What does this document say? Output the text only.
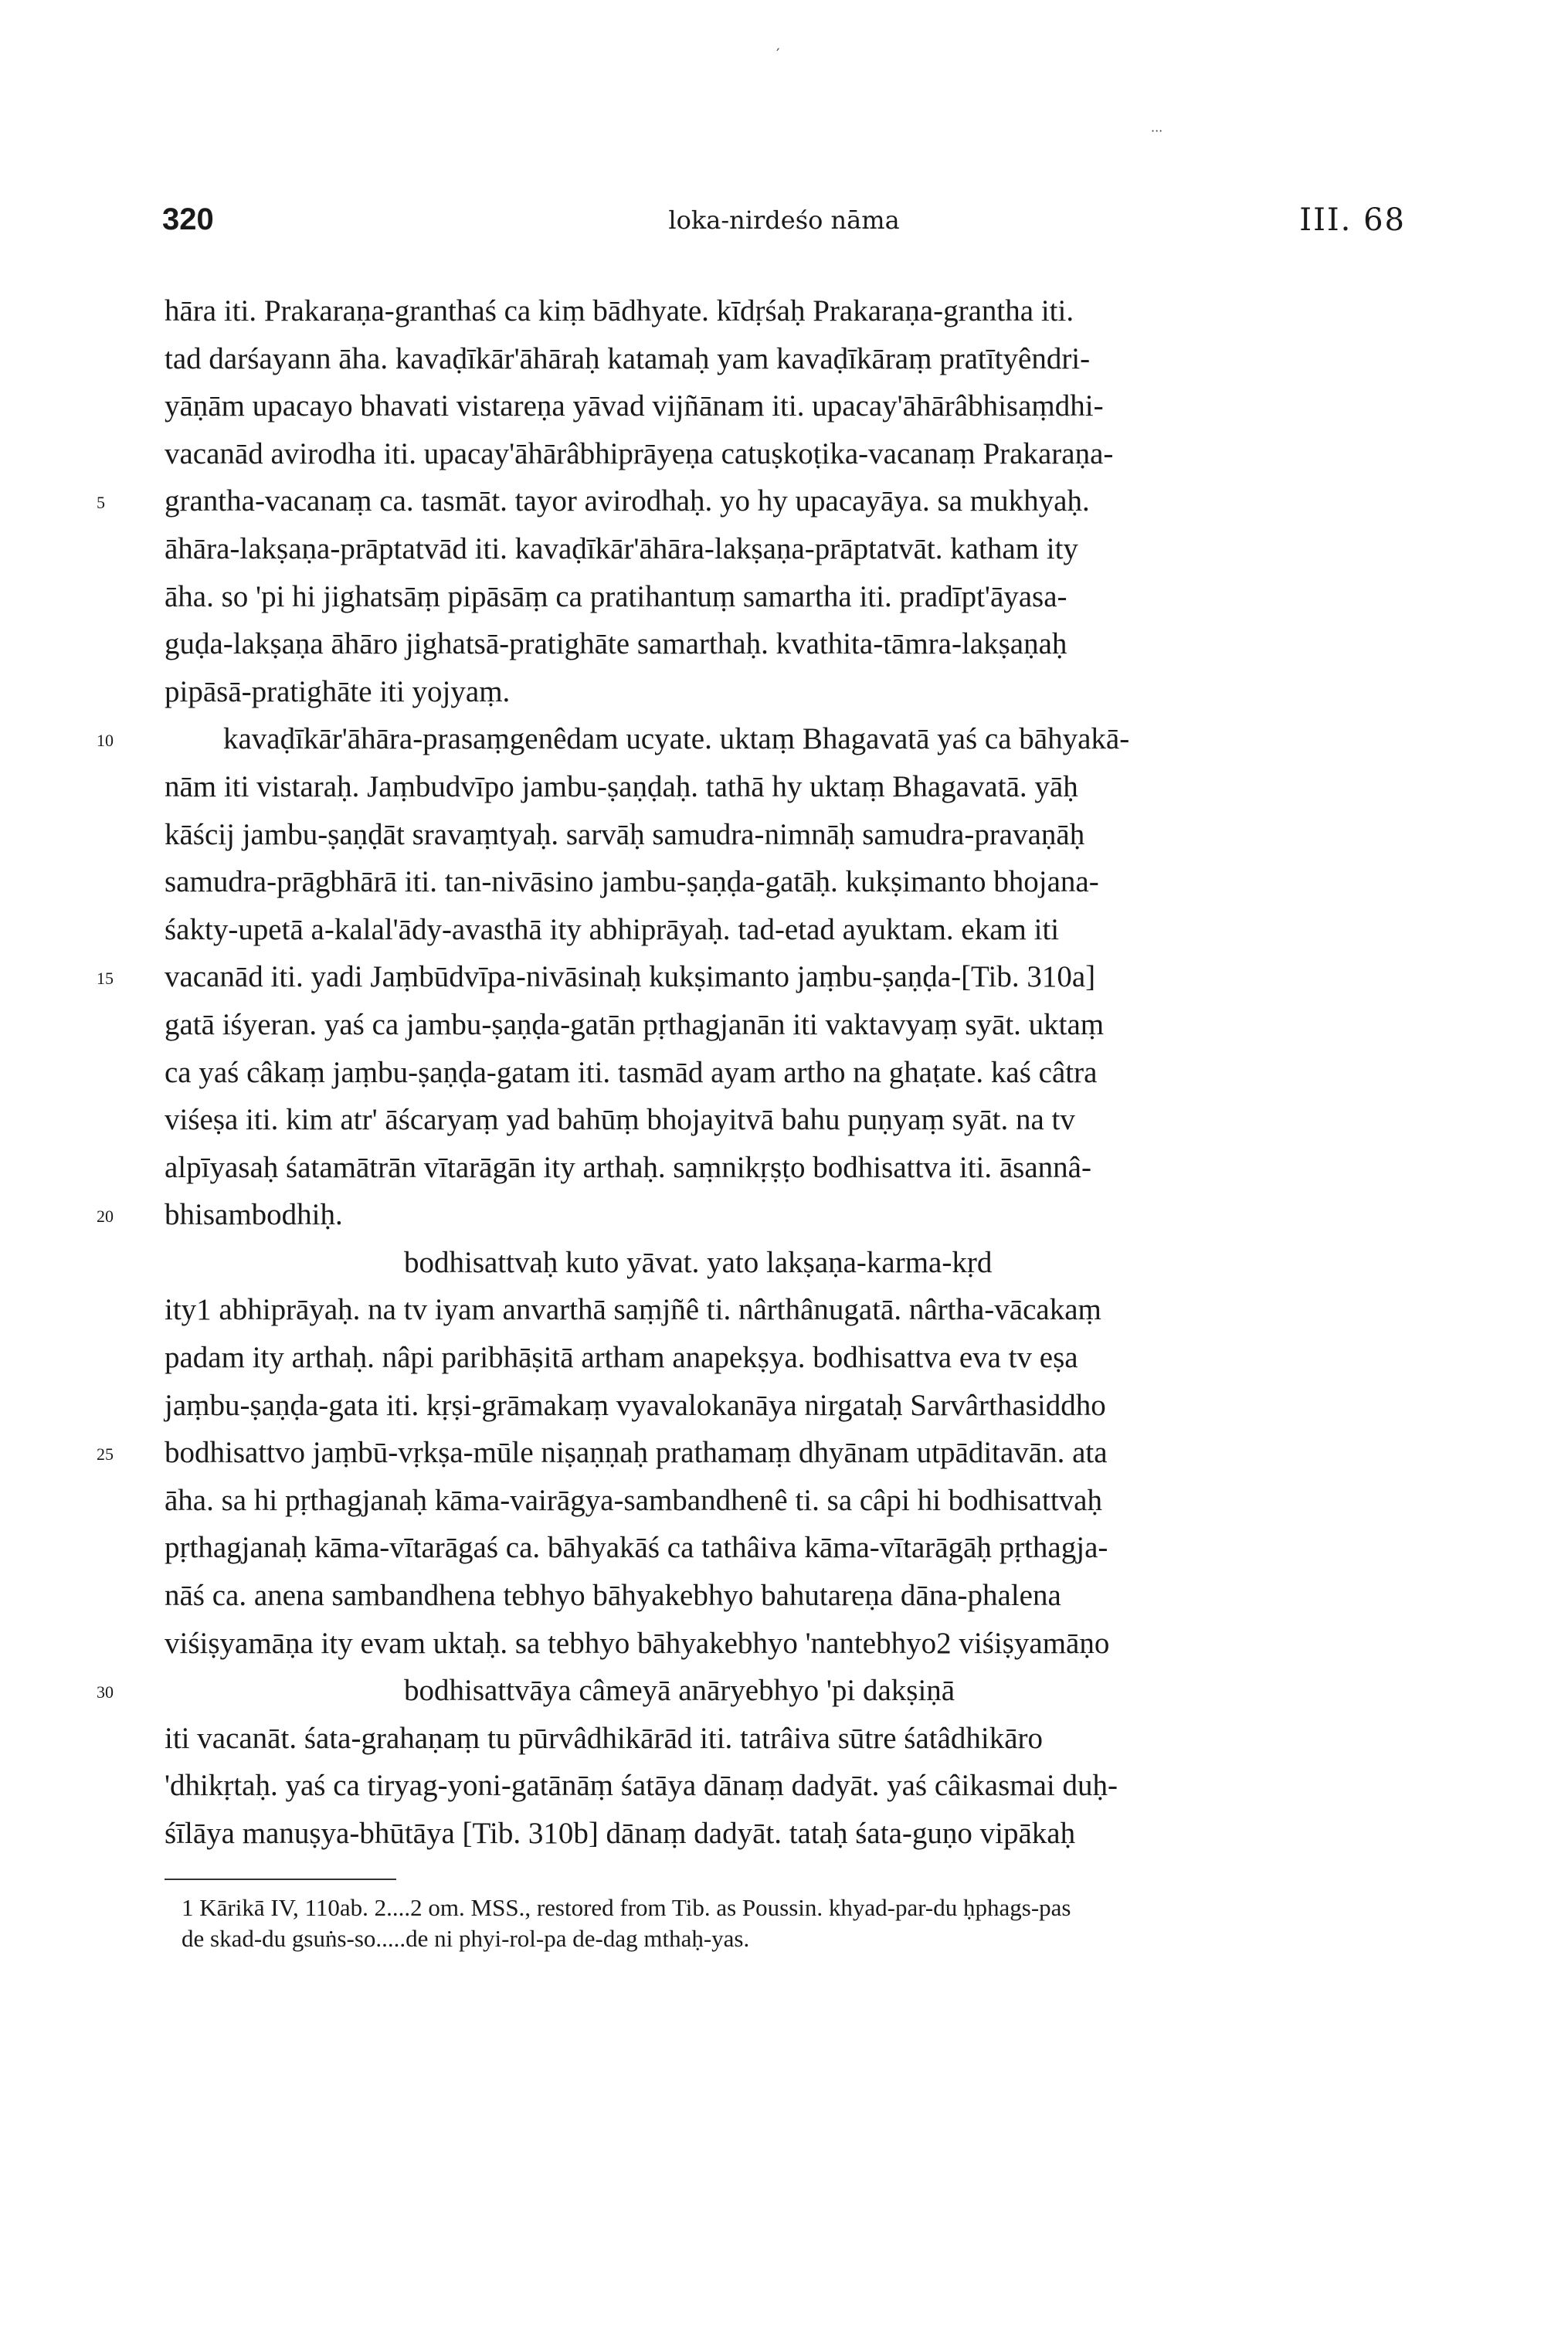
320	loka-nirdeśo nāma	III. 68
′
···
hāra iti. Prakaraṇa-granthaś ca kiṃ bādhyate. kīdṛśaḥ Prakaraṇa-grantha iti.
tad darśayann āha. kavaḍīkār'āhāraḥ katamaḥ yam kavaḍīkāraṃ pratītyêndri-
yāṇām upacayo bhavati vistareṇa yāvad vijñānam iti. upacay'āhārâbhisaṃdhi-
vacanād avirodha iti. upacay'āhārâbhiprāyeṇa catuṣkoṭika-vacanaṃ Prakaraṇa-
5	grantha-vacanaṃ ca. tasmāt. tayor avirodhaḥ. yo hy upacayāya. sa mukhyaḥ.
āhāra-lakṣaṇa-prāptatvād iti. kavaḍīkār'āhāra-lakṣaṇa-prāptatvāt. katham ity
āha. so 'pi hi jighatsāṃ pipāsāṃ ca pratihantuṃ samartha iti. pradīpt'āyasa-
guḍa-lakṣaṇa āhāro jighatsā-pratighāte samarthaḥ. kvathita-tāmra-lakṣaṇaḥ
pipāsā-pratighāte iti yojyaṃ.
10	kavaḍīkār'āhāra-prasaṃgenêdam ucyate. uktaṃ Bhagavatā yaś ca bāhyakā-
nām iti vistaraḥ. Jaṃbudvīpo jambu-ṣaṇḍaḥ. tathā hy uktaṃ Bhagavatā. yāḥ
kāścij jambu-ṣaṇḍāt sravaṃtyaḥ. sarvāḥ samudra-nimnāḥ samudra-pravaṇāḥ
samudra-prāgbhārā iti. tan-nivāsino jambu-ṣaṇḍa-gatāḥ. kukṣimanto bhojana-
śakty-upetā a-kalal'ādy-avasthā ity abhiprāyaḥ. tad-etad ayuktam. ekam iti
15	vacanād iti. yadi Jaṃbūdvīpa-nivāsinaḥ kukṣimanto jaṃbu-ṣaṇḍa-[Tib. 310a]
gatā iśyeran. yaś ca jambu-ṣaṇḍa-gatān pṛthagjanān iti vaktavyaṃ syāt. uktaṃ
ca yaś câkaṃ jaṃbu-ṣaṇḍa-gatam iti. tasmād ayam artho na ghaṭate. kaś câtra
viśeṣa iti. kim atr' āścaryaṃ yad bahūṃ bhojayitvā bahu puṇyaṃ syāt. na tv
alpīyasaḥ śatamātrān vītarāgān ity arthaḥ. saṃnikṛṣṭo bodhisattva iti. āsannâ-
20	bhisambodhiḥ.
bodhisattvaḥ kuto yāvat. yato lakṣaṇa-karma-kṛd
ity1 abhiprāyaḥ. na tv iyam anvarthā saṃjñê ti. nârthânugatā. nârtha-vācakaṃ
padam ity arthaḥ. nâpi paribhāṣitā artham anapekṣya. bodhisattva eva tv eṣa
jaṃbu-ṣaṇḍa-gata iti. kṛṣi-grāmakaṃ vyavalokanāya nirgataḥ Sarvârthasiddho
25	bodhisattvo jaṃbū-vṛkṣa-mūle niṣaṇṇaḥ prathamaṃ dhyānam utpāditavān. ata
āha. sa hi pṛthagjanaḥ kāma-vairāgya-sambandhenê ti. sa câpi hi bodhisattvaḥ
pṛthagjanaḥ kāma-vītarāgaś ca. bāhyakāś ca tathâiva kāma-vītarāgāḥ pṛthagja-
nāś ca. anena sambandhena tebhyo bāhyakebhyo bahutareṇa dāna-phalena
viśiṣyamāṇa ity evam uktaḥ. sa tebhyo bāhyakebhyo 'nantebhyo2 viśiṣyamāṇo
30	bodhisattvāya câmeyā anāryebhyo 'pi dakṣiṇā
iti vacanāt. śata-grahaṇaṃ tu pūrvâdhikārād iti. tatrâiva sūtre śatâdhikāro
'dhikṛtaḥ. yaś ca tiryag-yoni-gatānāṃ śatāya dānaṃ dadyāt. yaś câikasmai duḥ-
śīlāya manuṣya-bhūtāya [Tib. 310b] dānaṃ dadyāt. tataḥ śata-guṇo vipākaḥ
1 Kārikā IV, 110ab. 2....2 om. MSS., restored from Tib. as Poussin. khyad-par-du ḥphags-pas
de skad-du gsuṅs-so.....de ni phyi-rol-pa de-dag mthaḥ-yas.
